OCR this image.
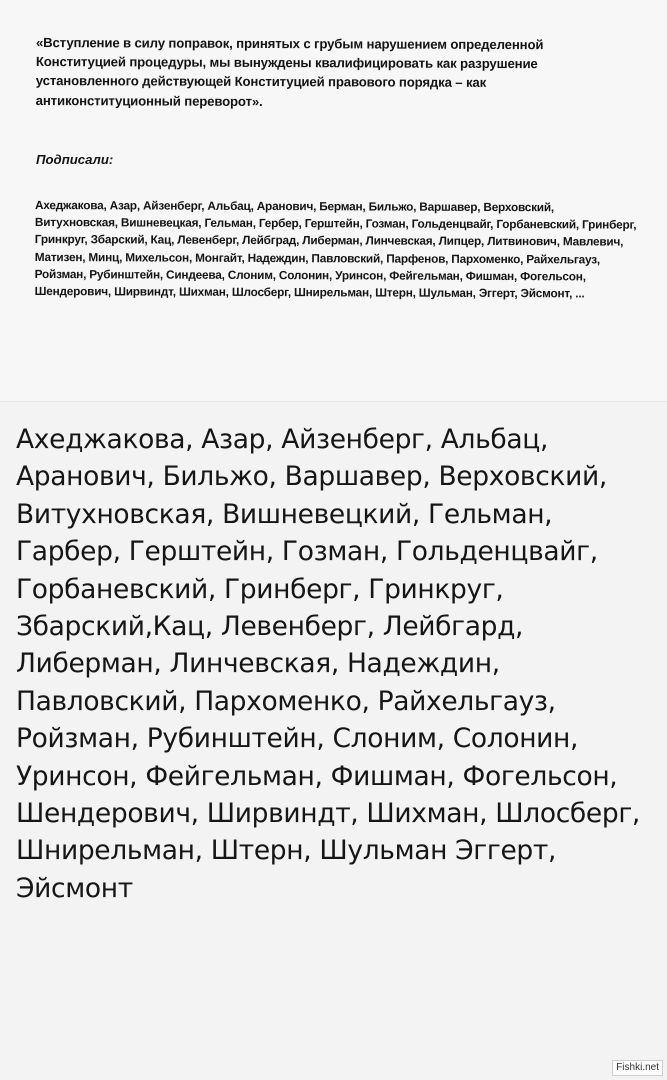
«Вступление в силу поправок, принятых с грубым нарушением определенной Конституцией процедуры, мы вынуждены квалифицировать как разрушение установленного действующей Конституцией правового порядка – как антиконституционный переворот».

Подписали:

Ахеджакова, Азар, Айзенберг, Альбац, Аранович, Берман, Бильжо, Варшавер, Верховский, Витухновская, Вишневецкая, Гельман, Гербер, Герштейн, Гозман, Гольденцвайг, Горбаневский, Гринберг, Гринкруг, Збарский, Кац, Левенберг, Лейбград, Либерман, Линчевская, Липцер, Литвинович, Мавлевич, Матизен, Минц, Михельсон, Монгайт, Надеждин, Павловский, Парфенов, Пархоменко, Райхельгауз, Ройзман, Рубинштейн, Синдеева, Слоним, Солонин, Уринсон, Фейгельман, Фишман, Фогельсон, Шендерович, Ширвиндт, Шихман, Шлосберг, Шнирельман, Штерн, Шульман, Эггерт, Эйсмонт, ...

Ахеджакова, Азар, Айзенберг, Альбац, Аранович, Бильжо, Варшавер, Верховский, Витухновская, Вишневецкий, Гельман, Гарбер, Герштейн, Гозман, Гольденцвайг, Горбаневский, Гринберг, Гринкруг, Збарский,Кац, Левенберг, Лейбгард, Либерман, Линчевская, Надеждин, Павловский, Пархоменко, Райхельгауз, Ройзман, Рубинштейн, Слоним, Солонин, Уринсон, Фейгельман, Фишман, Фогельсон, Шендерович, Ширвиндт, Шихман, Шлосберг, Шнирельман, Штерн, Шульман Эггерт, Эйсмонт

Fishki.net
